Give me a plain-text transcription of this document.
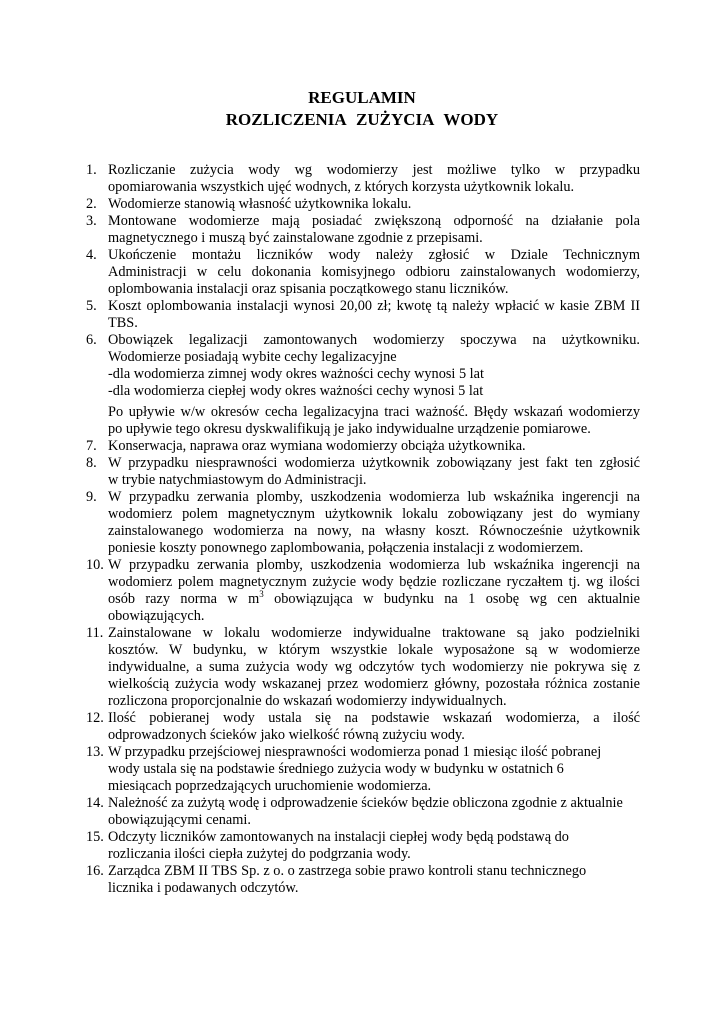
REGULAMIN
ROZLICZENIA ZUŻYCIA WODY
1. Rozliczanie zużycia wody wg wodomierzy jest możliwe tylko w przypadku
opomiarowania wszystkich ujęć wodnych, z których korzysta użytkownik lokalu.
2. Wodomierze stanowią własność użytkownika lokalu.
3. Montowane wodomierze mają posiadać zwiększoną odporność na działanie pola
magnetycznego i muszą być zainstalowane zgodnie z przepisami.
4. Ukończenie montażu liczników wody należy zgłosić w Dziale Technicznym
Administracji w celu dokonania komisyjnego odbioru zainstalowanych wodomierzy,
oplombowania instalacji oraz spisania początkowego stanu liczników.
5. Koszt oplombowania instalacji wynosi 20,00 zł; kwotę tą należy wpłacić w kasie ZBM II
TBS.
6. Obowiązek legalizacji zamontowanych wodomierzy spoczywa na użytkowniku.
Wodomierze posiadają wybite cechy legalizacyjne
-dla wodomierza zimnej wody okres ważności cechy wynosi 5 lat
-dla wodomierza ciepłej wody okres ważności cechy wynosi 5 lat
Po upływie w/w okresów cecha legalizacyjna traci ważność. Błędy wskazań wodomierzy
po upływie tego okresu dyskwalifikują je jako indywidualne urządzenie pomiarowe.
7. Konserwacja, naprawa oraz wymiana wodomierzy obciąża użytkownika.
8. W przypadku niesprawności wodomierza użytkownik zobowiązany jest fakt ten zgłosić
w trybie natychmiastowym do Administracji.
9. W przypadku zerwania plomby, uszkodzenia wodomierza lub wskaźnika ingerencji na
wodomierz polem magnetycznym użytkownik lokalu zobowiązany jest do wymiany
zainstalowanego wodomierza na nowy, na własny koszt. Równocześnie użytkownik
poniesie koszty ponownego zaplombowania, połączenia instalacji z wodomierzem.
10. W przypadku zerwania plomby, uszkodzenia wodomierza lub wskaźnika ingerencji na
wodomierz polem magnetycznym zużycie wody będzie rozliczane ryczałtem tj. wg ilości
osób razy norma w $m^3$ obowiązująca w budynku na 1 osobę wg cen aktualnie
obowiązujących.
11. Zainstalowane w lokalu wodomierze indywidualne traktowane są jako podzielniki
kosztów. W budynku, w którym wszystkie lokale wyposażone są w wodomierze
indywidualne, a suma zużycia wody wg odczytów tych wodomierzy nie pokrywa się z
wielkością zużycia wody wskazanej przez wodomierz główny, pozostała różnica zostanie
rozliczona proporcjonalnie do wskazań wodomierzy indywidualnych.
12. Ilość pobieranej wody ustala się na podstawie wskazań wodomierza, a ilość
odprowadzonych ścieków jako wielkość równą zużyciu wody.
13. W przypadku przejściowej niesprawności wodomierza ponad 1 miesiąc ilość pobranej
wody ustala się na podstawie średniego zużycia wody w budynku w ostatnich 6
miesiącach poprzedzających uruchomienie wodomierza.
14. Należność za zużytą wodę i odprowadzenie ścieków będzie obliczona zgodnie z aktualnie
obowiązującymi cenami.
15. Odczyty liczników zamontowanych na instalacji ciepłej wody będą podstawą do
rozliczania ilości ciepła zużytej do podgrzania wody.
16. Zarządca ZBM II TBS Sp. z o. o zastrzega sobie prawo kontroli stanu technicznego
licznika i podawanych odczytów.
